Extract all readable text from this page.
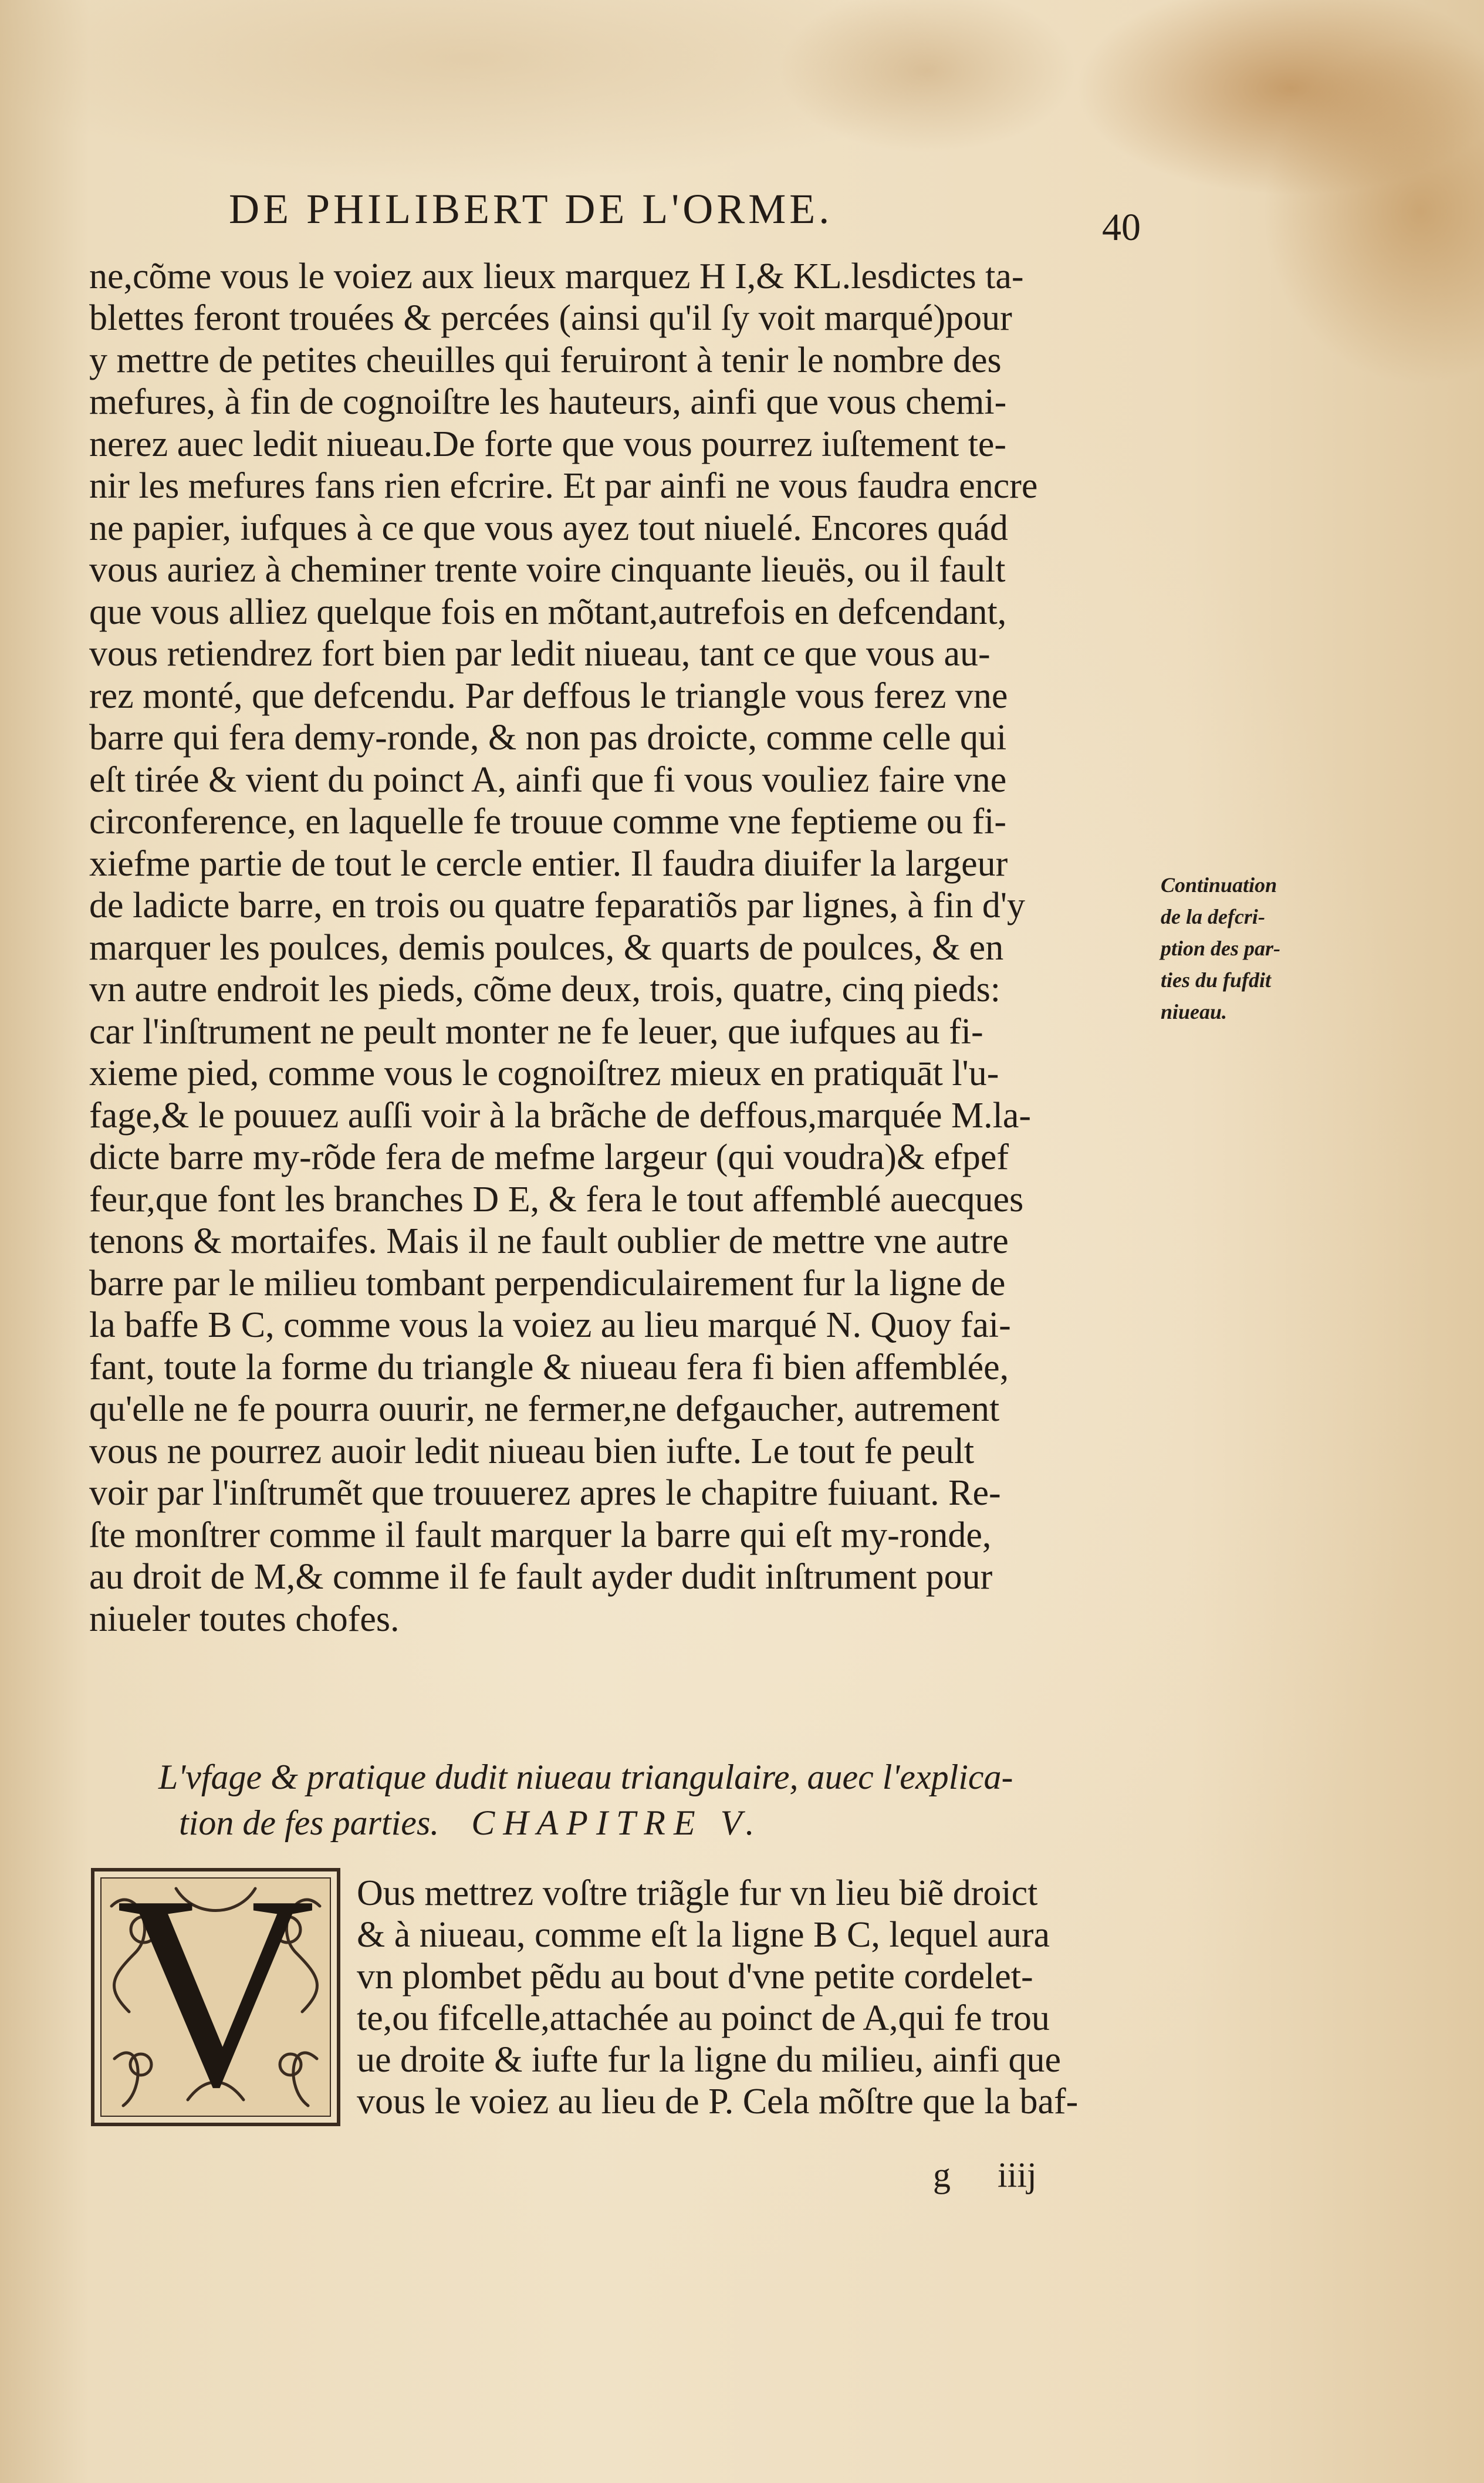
DE PHILIBERT DE L'ORME.	40
ne,cõme vous le voiez aux lieux marquez H I,& KL.lesdictes ta-
blettes feront trouées & percées (ainsi qu'il ſy voit marqué)pour
y mettre de petites cheuilles qui feruiront à tenir le nombre des
mefures, à fin de cognoiſtre les hauteurs, ainfi que vous chemi-
nerez auec ledit niueau.De forte que vous pourrez iuſtement te-
nir les mefures fans rien efcrire. Et par ainfi ne vous faudra encre
ne papier, iufques à ce que vous ayez tout niuelé. Encores quád
vous auriez à cheminer trente voire cinquante lieuës, ou il fault
que vous alliez quelque fois en mõtant,autrefois en defcendant,
vous retiendrez fort bien par ledit niueau, tant ce que vous au-
rez monté, que defcendu. Par deffous le triangle vous ferez vne
barre qui fera demy-ronde, & non pas droicte, comme celle qui
eſt tirée & vient du poinct A, ainfi que fi vous vouliez faire vne
circonference, en laquelle fe trouue comme vne feptieme ou fi-
xiefme partie de tout le cercle entier. Il faudra diuifer la largeur
de ladicte barre, en trois ou quatre feparatiõs par lignes, à fin d'y
marquer les poulces, demis poulces, & quarts de poulces, & en
vn autre endroit les pieds, cõme deux, trois, quatre, cinq pieds:
car l'inſtrument ne peult monter ne fe leuer, que iufques au fi-
xieme pied, comme vous le cognoiſtrez mieux en pratiquāt l'u-
fage,& le pouuez auſſi voir à la brãche de deffous,marquée M.la-
dicte barre my-rõde fera de mefme largeur (qui voudra)& efpef
feur,que font les branches D E, & fera le tout affemblé auecques
tenons & mortaifes. Mais il ne fault oublier de mettre vne autre
barre par le milieu tombant perpendiculairement fur la ligne de
la baffe B C, comme vous la voiez au lieu marqué N. Quoy fai-
fant, toute la forme du triangle & niueau fera fi bien affemblée,
qu'elle ne fe pourra ouurir, ne fermer,ne defgaucher, autrement
vous ne pourrez auoir ledit niueau bien iufte. Le tout fe peult
voir par l'inſtrumẽt que trouuerez apres le chapitre fuiuant. Re-
ſte monſtrer comme il fault marquer la barre qui eſt my-ronde,
au droit de M,& comme il fe fault ayder dudit inſtrument pour
niueler toutes chofes.
Continuation
de la defcri-
ption des par-
ties du fufdit
niueau.
L'vfage & pratique dudit niueau triangulaire, auec l'explica-
tion de fes parties. CHAPITRE V.
V	Ous mettrez voſtre triãgle fur vn lieu biẽ droict
& à niueau, comme eſt la ligne B C, lequel aura
vn plombet pẽdu au bout d'vne petite cordelet-
te,ou fifcelle,attachée au poinct de A,qui fe trou
ue droite & iufte fur la ligne du milieu, ainfi que
vous le voiez au lieu de P. Cela mõſtre que la baf-
g iiij
